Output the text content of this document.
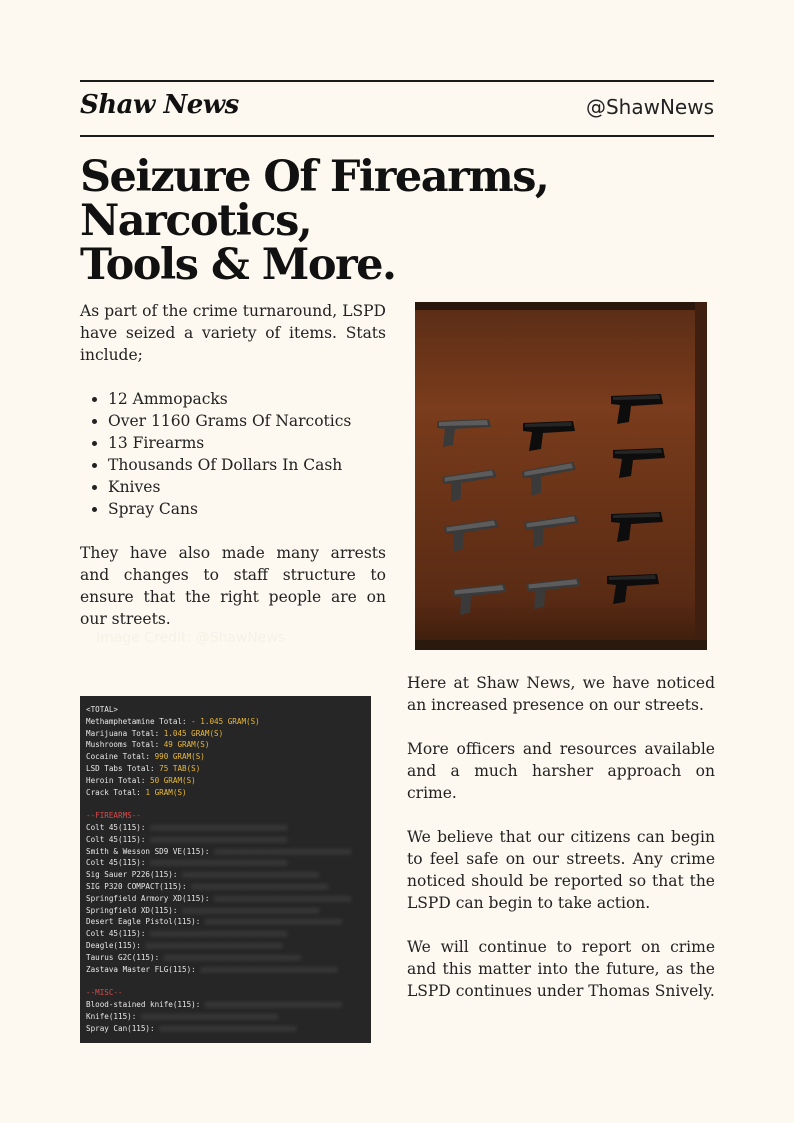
Shaw News	@ShawNews
Seizure Of Firearms, Narcotics,
Tools & More.

As part of the crime turnaround, LSPD have seized a variety of items. Stats include;

• 12 Ammopacks
• Over 1160 Grams Of Narcotics
• 13 Firearms
• Thousands Of Dollars In Cash
• Knives
• Spray Cans

They have also made many arrests and changes to staff structure to ensure that the right people are on our streets.

Image Credit: @ShawNews

Here at Shaw News, we have noticed an increased presence on our streets.

More officers and resources available and a much harsher approach on crime.

We believe that our citizens can begin to feel safe on our streets. Any crime noticed should be reported so that the LSPD can begin to take action.

We will continue to report on crime and this matter into the future, as the LSPD continues under Thomas Snively.

<TOTAL>
Methamphetamine Total: - 1.045 GRAM(S)
Marijuana Total: 1.045 GRAM(S)
Mushrooms Total: 49 GRAM(S)
Cocaine Total: 990 GRAM(S)
LSD Tabs Total: 75 TAB(S)
Heroin Total: 50 GRAM(S)
Crack Total: 1 GRAM(S)
--FIREARMS--
Colt 45(115): xxxxxxxxxxxxxxxxxxxxxxxxxxxxxx
Colt 45(115): xxxxxxxxxxxxxxxxxxxxxxxxxxxxxx
Smith & Wesson SD9 VE(115): xxxxxxxxxxxxxxxxxxxxxxxxxxxxxx
Colt 45(115): xxxxxxxxxxxxxxxxxxxxxxxxxxxxxx
Sig Sauer P226(115): xxxxxxxxxxxxxxxxxxxxxxxxxxxxxx
SIG P320 COMPACT(115): xxxxxxxxxxxxxxxxxxxxxxxxxxxxxx
Springfield Armory XD(115): xxxxxxxxxxxxxxxxxxxxxxxxxxxxxx
Springfield XD(115): xxxxxxxxxxxxxxxxxxxxxxxxxxxxxx
Desert Eagle Pistol(115): xxxxxxxxxxxxxxxxxxxxxxxxxxxxxx
Colt 45(115): xxxxxxxxxxxxxxxxxxxxxxxxxxxxxx
Deagle(115): xxxxxxxxxxxxxxxxxxxxxxxxxxxxxx
Taurus G2C(115): xxxxxxxxxxxxxxxxxxxxxxxxxxxxxx
Zastava Master FLG(115): xxxxxxxxxxxxxxxxxxxxxxxxxxxxxx
--MISC--
Blood-stained knife(115): xxxxxxxxxxxxxxxxxxxxxxxxxxxxxx
Knife(115): xxxxxxxxxxxxxxxxxxxxxxxxxxxxxx
Spray Can(115): xxxxxxxxxxxxxxxxxxxxxxxxxxxxxx
